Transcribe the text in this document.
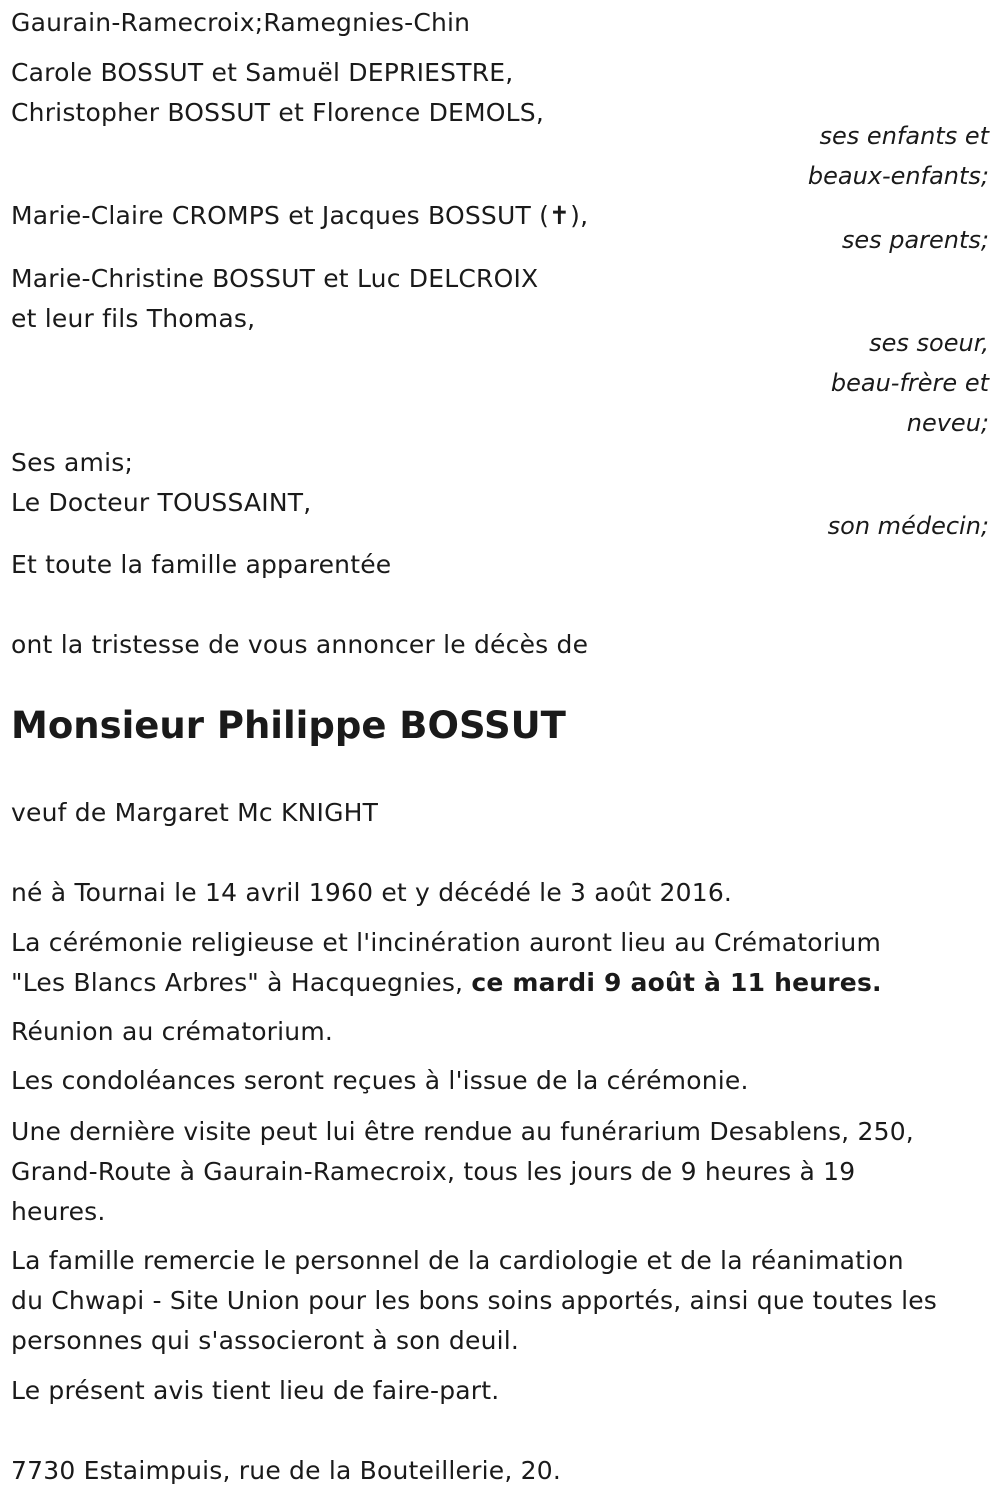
Gaurain-Ramecroix;Ramegnies-Chin
Carole BOSSUT et Samuël DEPRIESTRE,
Christopher BOSSUT et Florence DEMOLS,
ses enfants et
beaux-enfants;
Marie-Claire CROMPS et Jacques BOSSUT (✝),
ses parents;
Marie-Christine BOSSUT et Luc DELCROIX
et leur fils Thomas,
ses soeur,
beau-frère et
neveu;
Ses amis;
Le Docteur TOUSSAINT,
son médecin;
Et toute la famille apparentée
ont la tristesse de vous annoncer le décès de
Monsieur Philippe BOSSUT
veuf de Margaret Mc KNIGHT
né à Tournai le 14 avril 1960 et y décédé le 3 août 2016.
La cérémonie religieuse et l'incinération auront lieu au Crématorium
"Les Blancs Arbres" à Hacquegnies, ce mardi 9 août à 11 heures.
Réunion au crématorium.
Les condoléances seront reçues à l'issue de la cérémonie.
Une dernière visite peut lui être rendue au funérarium Desablens, 250,
Grand-Route à Gaurain-Ramecroix, tous les jours de 9 heures à 19
heures.
La famille remercie le personnel de la cardiologie et de la réanimation
du Chwapi - Site Union pour les bons soins apportés, ainsi que toutes les
personnes qui s'associeront à son deuil.
Le présent avis tient lieu de faire-part.
7730 Estaimpuis, rue de la Bouteillerie, 20.
